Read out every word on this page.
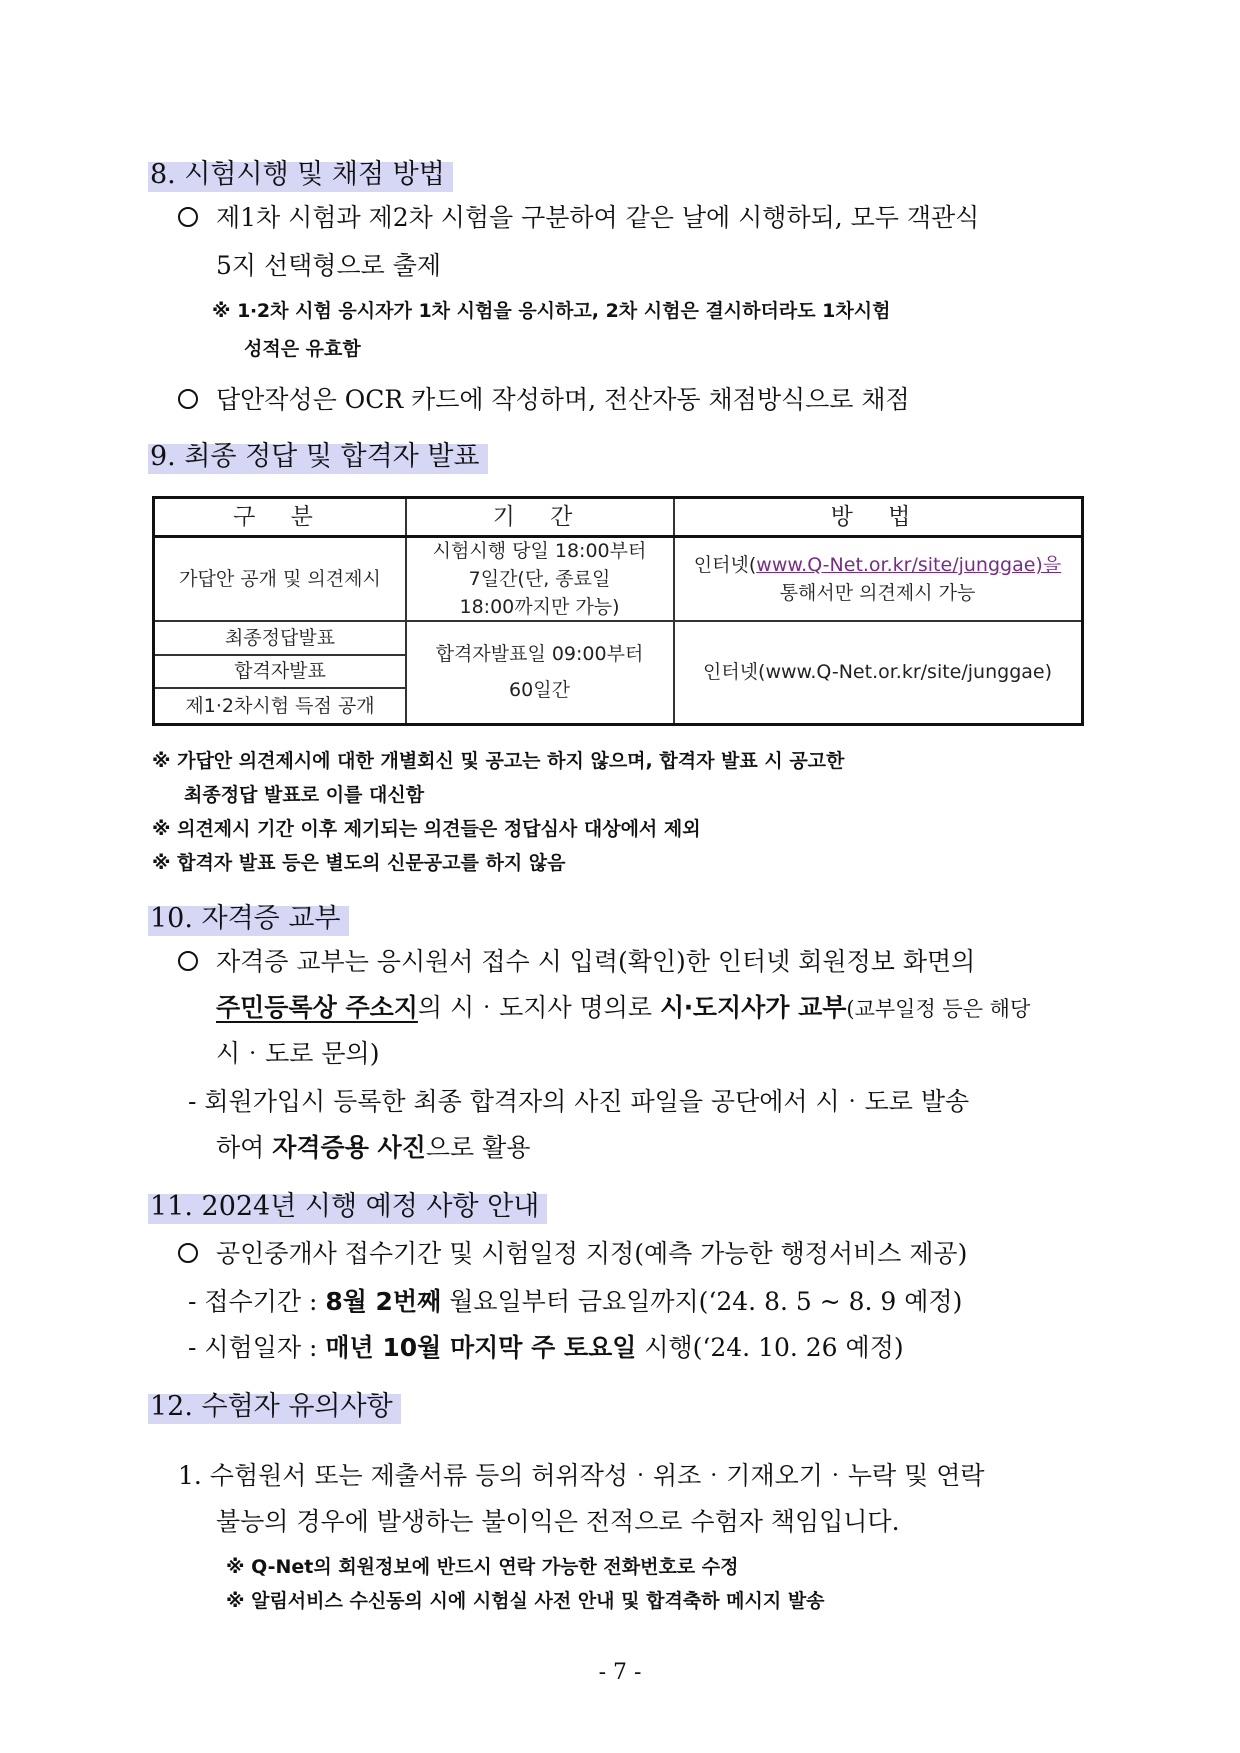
8. 시험시행 및 채점 방법
제1차 시험과 제2차 시험을 구분하여 같은 날에 시행하되, 모두 객관식
5지 선택형으로 출제
※ 1‧2차 시험 응시자가 1차 시험을 응시하고, 2차 시험은 결시하더라도 1차시험
성적은 유효함
답안작성은 OCR 카드에 작성하며, 전산자동 채점방식으로 채점
9. 최종 정답 및 합격자 발표
구 분	기 간	방 법
가답안 공개 및 의견제시
시험시행 당일 18:00부터
7일간(단, 종료일
18:00까지만 가능)
인터넷(www.Q-Net.or.kr/site/junggae)을
통해서만 의견제시 가능
최종정답발표
합격자발표
제1‧2차시험 득점 공개
합격자발표일 09:00부터
60일간
인터넷(www.Q-Net.or.kr/site/junggae)
※ 가답안 의견제시에 대한 개별회신 및 공고는 하지 않으며, 합격자 발표 시 공고한
최종정답 발표로 이를 대신함
※ 의견제시 기간 이후 제기되는 의견들은 정답심사 대상에서 제외
※ 합격자 발표 등은 별도의 신문공고를 하지 않음
10. 자격증 교부
자격증 교부는 응시원서 접수 시 입력(확인)한 인터넷 회원정보 화면의
주민등록상 주소지의 시‧도지사 명의로 시‧도지사가 교부(교부일정 등은 해당
시‧도로 문의)
- 회원가입시 등록한 최종 합격자의 사진 파일을 공단에서 시‧도로 발송
하여 자격증용 사진으로 활용
11. 2024년 시행 예정 사항 안내
공인중개사 접수기간 및 시험일정 지정(예측 가능한 행정서비스 제공)
- 접수기간 : 8월 2번째 월요일부터 금요일까지(‘24. 8. 5 ~ 8. 9 예정)
- 시험일자 : 매년 10월 마지막 주 토요일 시행(‘24. 10. 26 예정)
12. 수험자 유의사항
1. 수험원서 또는 제출서류 등의 허위작성‧위조‧기재오기‧누락 및 연락
불능의 경우에 발생하는 불이익은 전적으로 수험자 책임입니다.
※ Q-Net의 회원정보에 반드시 연락 가능한 전화번호로 수정
※ 알림서비스 수신동의 시에 시험실 사전 안내 및 합격축하 메시지 발송
- 7 -
